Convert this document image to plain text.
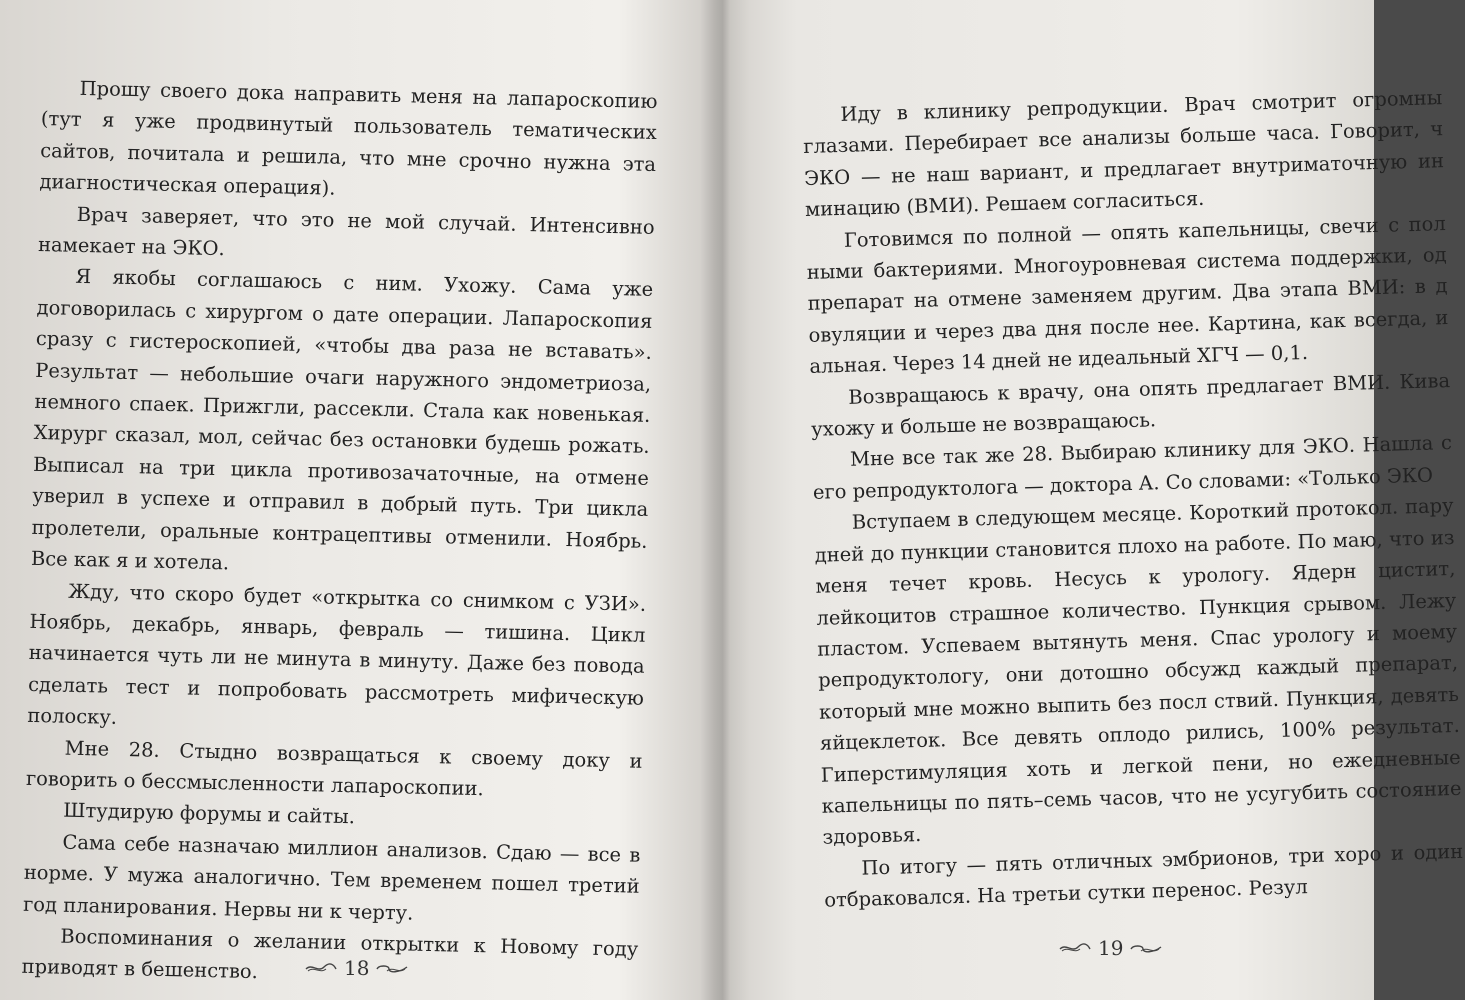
Прошу своего дока направить меня на лапароскопию (тут я уже продвинутый пользователь тематических сайтов, почитала и решила, что мне срочно нужна эта диагностическая операция).

Врач заверяет, что это не мой случай. Интенсивно намекает на ЭКО.

Я якобы соглашаюсь с ним. Ухожу. Сама уже договорилась с хирургом о дате операции. Лапароскопия сразу с гистероскопией, «чтобы два раза не вставать». Результат — небольшие очаги наружного эндометриоза, немного спаек. Прижгли, рассекли. Стала как новенькая. Хирург сказал, мол, сейчас без остановки будешь рожать. Выписал на три цикла противозачаточные, на отмене уверил в успехе и отправил в добрый путь. Три цикла пролетели, оральные контрацептивы отменили. Ноябрь. Все как я и хотела.

Жду, что скоро будет «открытка со снимком с УЗИ». Ноябрь, декабрь, январь, февраль — тишина. Цикл начинается чуть ли не минута в минуту. Даже без повода сделать тест и попробовать рассмотреть мифическую полоску.

Мне 28. Стыдно возвращаться к своему доку и говорить о бессмысленности лапароскопии.

Штудирую форумы и сайты.

Сама себе назначаю миллион анализов. Сдаю — все в норме. У мужа аналогично. Тем временем пошел третий год планирования. Нервы ни к черту.

Воспоминания о желании открытки к Новому году приводят в бешенство.	18

Иду в клинику репродукции. Врач смотрит огромны глазами. Перебирает все анализы больше часа. Говорит, ч ЭКО — не наш вариант, и предлагает внутриматочную ин минацию (ВМИ). Решаем согласиться.

Готовимся по полной — опять капельницы, свечи с пол ными бактериями. Многоуровневая система поддержки, од препарат на отмене заменяем другим. Два этапа ВМИ: в д овуляции и через два дня после нее. Картина, как всегда, и альная. Через 14 дней не идеальный ХГЧ — 0,1.

Возвращаюсь к врачу, она опять предлагает ВМИ. Кива ухожу и больше не возвращаюсь.

Мне все так же 28. Выбираю клинику для ЭКО. Нашла с его репродуктолога — доктора А. Со словами: «Только ЭКО

Вступаем в следующем месяце. Короткий протокол. пару дней до пункции становится плохо на работе. По маю, что из меня течет кровь. Несусь к урологу. Ядерн цистит, лейкоцитов страшное количество. Пункция срывом. Лежу пластом. Успеваем вытянуть меня. Спас урологу и моему репродуктологу, они дотошно обсужд каждый препарат, который мне можно выпить без посл ствий. Пункция, девять яйцеклеток. Все девять оплодо рились, 100% результат. Гиперстимуляция хоть и легкой пени, но ежедневные капельницы по пять–семь часов, что не усугубить состояние здоровья.

По итогу — пять отличных эмбрионов, три хоро и один отбраковался. На третьи сутки перенос. Резул

19
